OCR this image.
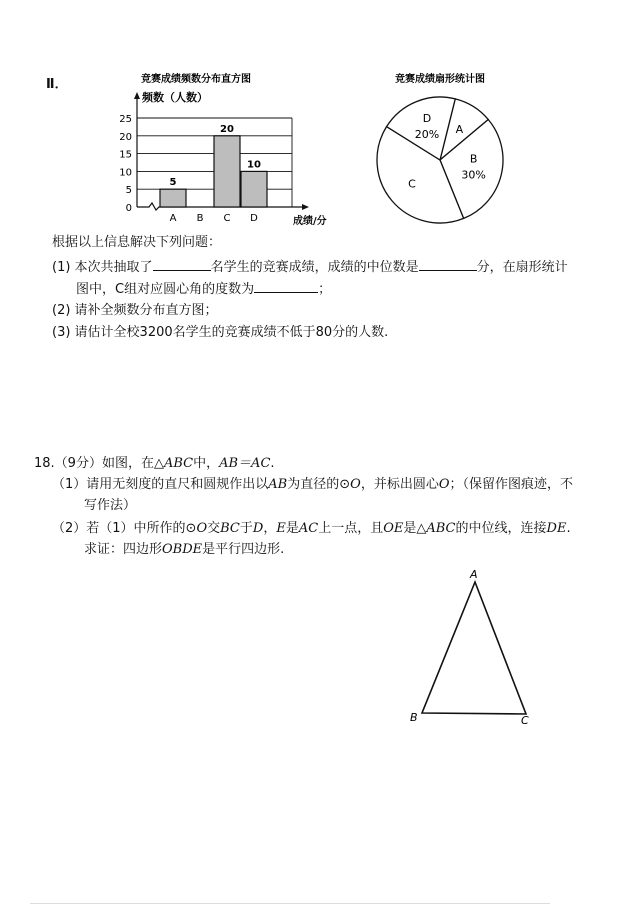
Ⅱ．	竞赛成绩频数分布直方图
频数（人数）
成绩/分
0
5
10
15
20
25
5
A B
20
C
10
D
竞赛成绩扇形统计图
A
B
30%
C
D
20%
根据以上信息解决下列问题：
(1) 本次共抽取了	名学生的竞赛成绩，成绩的中位数是	分，在扇形统计
图中，C组对应圆心角的度数为	；
(2) 请补全频数分布直方图；
(3) 请估计全校3200名学生的竞赛成绩不低于80分的人数.
18.（9分）如图，在△ABC中，AB＝AC.
（1）请用无刻度的直尺和圆规作出以AB为直径的⊙O，并标出圆心O；（保留作图痕迹，不
写作法）
（2）若（1）中所作的⊙O交BC于D，E是AC上一点，且OE是△ABC的中位线，连接DE.
求证：四边形OBDE是平行四边形.
A
B	C
